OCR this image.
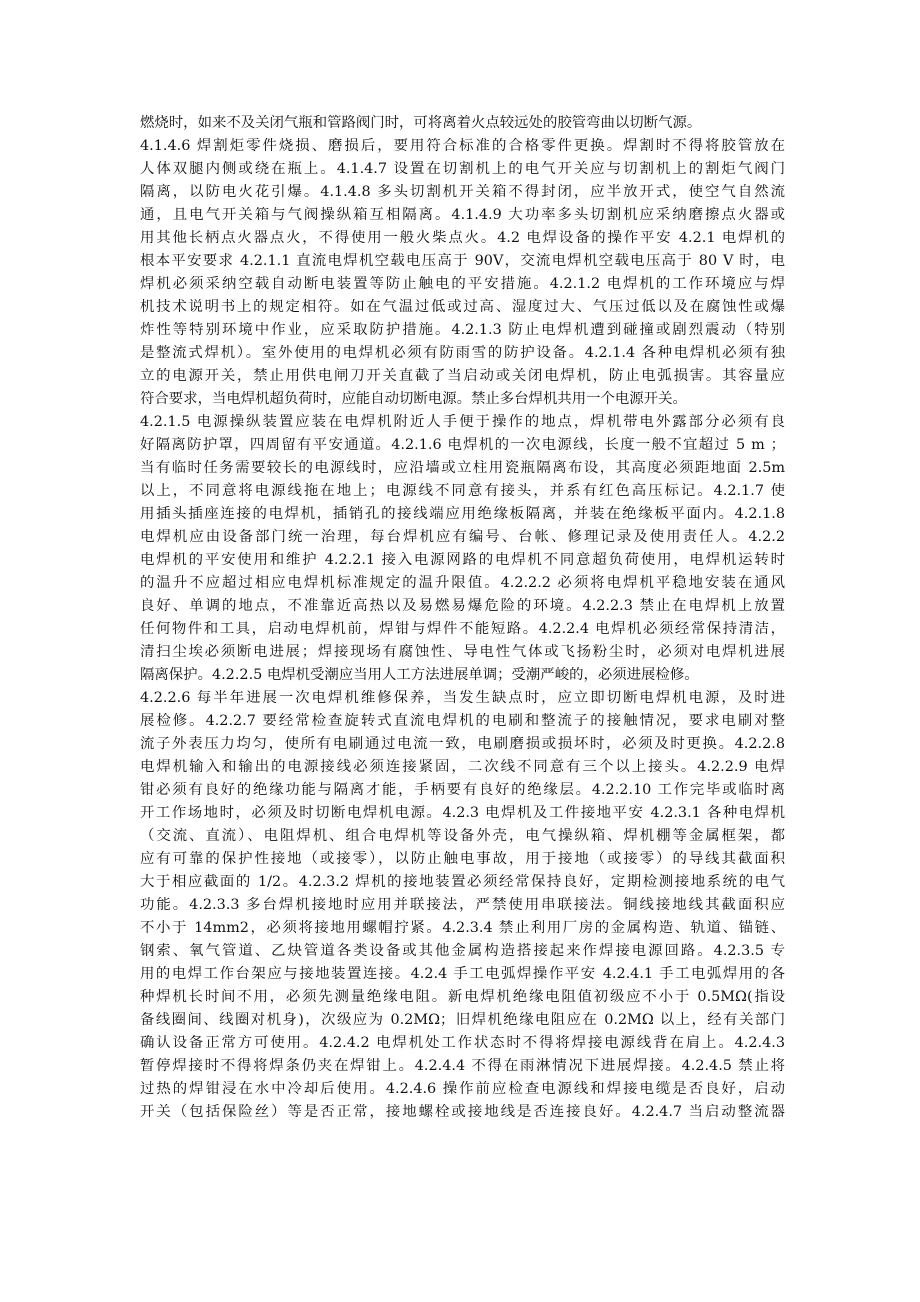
燃烧时，如来不及关闭气瓶和管路阀门时，可将离着火点较远处的胶管弯曲以切断气源。
4.1.4.6 焊割炬零件烧损、磨损后，要用符合标准的合格零件更换。焊割时不得将胶管放在
人体双腿内侧或绕在瓶上。4.1.4.7 设置在切割机上的电气开关应与切割机上的割炬气阀门
隔离，以防电火花引爆。4.1.4.8 多头切割机开关箱不得封闭，应半放开式，使空气自然流
通，且电气开关箱与气阀操纵箱互相隔离。4.1.4.9 大功率多头切割机应采纳磨擦点火器或
用其他长柄点火器点火，不得使用一般火柴点火。4.2 电焊设备的操作平安 4.2.1 电焊机的
根本平安要求 4.2.1.1 直流电焊机空载电压高于 90V，交流电焊机空载电压高于 80 V 时，电
焊机必须采纳空载自动断电装置等防止触电的平安措施。4.2.1.2 电焊机的工作环境应与焊
机技术说明书上的规定相符。如在气温过低或过高、湿度过大、气压过低以及在腐蚀性或爆
炸性等特别环境中作业，应采取防护措施。4.2.1.3 防止电焊机遭到碰撞或剧烈震动（特别
是整流式焊机）。室外使用的电焊机必须有防雨雪的防护设备。4.2.1.4 各种电焊机必须有独
立的电源开关，禁止用供电闸刀开关直截了当启动或关闭电焊机，防止电弧损害。其容量应
符合要求，当电焊机超负荷时，应能自动切断电源。禁止多台焊机共用一个电源开关。
4.2.1.5 电源操纵装置应装在电焊机附近人手便于操作的地点，焊机带电外露部分必须有良
好隔离防护罩，四周留有平安通道。4.2.1.6 电焊机的一次电源线，长度一般不宜超过 5 m ；
当有临时任务需要较长的电源线时，应沿墙或立柱用瓷瓶隔离布设，其高度必须距地面 2.5m
以上，不同意将电源线拖在地上；电源线不同意有接头，并系有红色高压标记。4.2.1.7 使
用插头插座连接的电焊机，插销孔的接线端应用绝缘板隔离，并装在绝缘板平面内。4.2.1.8
电焊机应由设备部门统一治理，每台焊机应有编号、台帐、修理记录及使用责任人。4.2.2
电焊机的平安使用和维护 4.2.2.1 接入电源网路的电焊机不同意超负荷使用，电焊机运转时
的温升不应超过相应电焊机标准规定的温升限值。4.2.2.2 必须将电焊机平稳地安装在通风
良好、单调的地点，不准靠近高热以及易燃易爆危险的环境。4.2.2.3 禁止在电焊机上放置
任何物件和工具，启动电焊机前，焊钳与焊件不能短路。4.2.2.4 电焊机必须经常保持清洁，
清扫尘埃必须断电进展；焊接现场有腐蚀性、导电性气体或飞扬粉尘时，必须对电焊机进展
隔离保护。4.2.2.5 电焊机受潮应当用人工方法进展单调；受潮严峻的，必须进展检修。
4.2.2.6 每半年进展一次电焊机维修保养，当发生缺点时，应立即切断电焊机电源，及时进
展检修。4.2.2.7 要经常检查旋转式直流电焊机的电刷和整流子的接触情况，要求电刷对整
流子外表压力均匀，使所有电刷通过电流一致，电刷磨损或损坏时，必须及时更换。4.2.2.8
电焊机输入和输出的电源接线必须连接紧固，二次线不同意有三个以上接头。4.2.2.9 电焊
钳必须有良好的绝缘功能与隔离才能，手柄要有良好的绝缘层。4.2.2.10 工作完毕或临时离
开工作场地时，必须及时切断电焊机电源。4.2.3 电焊机及工件接地平安 4.2.3.1 各种电焊机
（交流、直流）、电阻焊机、组合电焊机等设备外壳，电气操纵箱、焊机棚等金属框架，都
应有可靠的保护性接地（或接零），以防止触电事故，用于接地（或接零）的导线其截面积
大于相应截面的 1/2。4.2.3.2 焊机的接地装置必须经常保持良好，定期检测接地系统的电气
功能。4.2.3.3 多台焊机接地时应用并联接法，严禁使用串联接法。铜线接地线其截面积应
不小于 14mm2，必须将接地用螺帽拧紧。4.2.3.4 禁止利用厂房的金属构造、轨道、锚链、
钢索、氧气管道、乙炔管道各类设备或其他金属构造搭接起来作焊接电源回路。4.2.3.5 专
用的电焊工作台架应与接地装置连接。4.2.4 手工电弧焊操作平安 4.2.4.1 手工电弧焊用的各
种焊机长时间不用，必须先测量绝缘电阻。新电焊机绝缘电阻值初级应不小于 0.5MΩ(指设
备线圈间、线圈对机身)，次级应为 0.2MΩ；旧焊机绝缘电阻应在 0.2MΩ 以上，经有关部门
确认设备正常方可使用。4.2.4.2 电焊机处工作状态时不得将焊接电源线背在肩上。4.2.4.3
暂停焊接时不得将焊条仍夹在焊钳上。4.2.4.4 不得在雨淋情况下进展焊接。4.2.4.5 禁止将
过热的焊钳浸在水中冷却后使用。4.2.4.6 操作前应检查电源线和焊接电缆是否良好，启动
开关（包括保险丝）等是否正常，接地螺栓或接地线是否连接良好。4.2.4.7 当启动整流器
